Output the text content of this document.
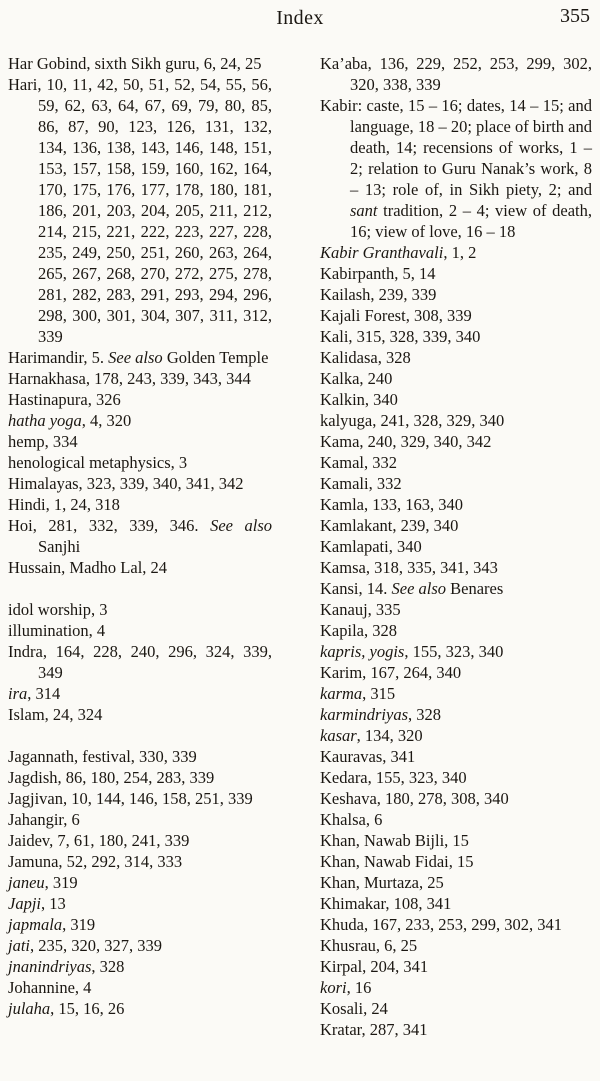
Index	355
Har Gobind, sixth Sikh guru, 6, 24, 25
Hari, 10, 11, 42, 50, 51, 52, 54, 55, 56, 59, 62, 63, 64, 67, 69, 79, 80, 85, 86, 87, 90, 123, 126, 131, 132, 134, 136, 138, 143, 146, 148, 151, 153, 157, 158, 159, 160, 162, 164, 170, 175, 176, 177, 178, 180, 181, 186, 201, 203, 204, 205, 211, 212, 214, 215, 221, 222, 223, 227, 228, 235, 249, 250, 251, 260, 263, 264, 265, 267, 268, 270, 272, 275, 278, 281, 282, 283, 291, 293, 294, 296, 298, 300, 301, 304, 307, 311, 312, 339
Harimandir, 5. See also Golden Temple
Harnakhasa, 178, 243, 339, 343, 344
Hastinapura, 326
hatha yoga, 4, 320
hemp, 334
henological metaphysics, 3
Himalayas, 323, 339, 340, 341, 342
Hindi, 1, 24, 318
Hoi, 281, 332, 339, 346. See also Sanjhi
Hussain, Madho Lal, 24
idol worship, 3
illumination, 4
Indra, 164, 228, 240, 296, 324, 339, 349
ira, 314
Islam, 24, 324
Jagannath, festival, 330, 339
Jagdish, 86, 180, 254, 283, 339
Jagjivan, 10, 144, 146, 158, 251, 339
Jahangir, 6
Jaidev, 7, 61, 180, 241, 339
Jamuna, 52, 292, 314, 333
janeu, 319
Japji, 13
japmala, 319
jati, 235, 320, 327, 339
jnanindriyas, 328
Johannine, 4
julaha, 15, 16, 26
Ka’aba, 136, 229, 252, 253, 299, 302, 320, 338, 339
Kabir: caste, 15 – 16; dates, 14 – 15; and language, 18 – 20; place of birth and death, 14; recensions of works, 1 – 2; relation to Guru Nanak’s work, 8 – 13; role of, in Sikh piety, 2; and sant tradition, 2 – 4; view of death, 16; view of love, 16 – 18
Kabir Granthavali, 1, 2
Kabirpanth, 5, 14
Kailash, 239, 339
Kajali Forest, 308, 339
Kali, 315, 328, 339, 340
Kalidasa, 328
Kalka, 240
Kalkin, 340
kalyuga, 241, 328, 329, 340
Kama, 240, 329, 340, 342
Kamal, 332
Kamali, 332
Kamla, 133, 163, 340
Kamlakant, 239, 340
Kamlapati, 340
Kamsa, 318, 335, 341, 343
Kansi, 14. See also Benares
Kanauj, 335
Kapila, 328
kapris, yogis, 155, 323, 340
Karim, 167, 264, 340
karma, 315
karmindriyas, 328
kasar, 134, 320
Kauravas, 341
Kedara, 155, 323, 340
Keshava, 180, 278, 308, 340
Khalsa, 6
Khan, Nawab Bijli, 15
Khan, Nawab Fidai, 15
Khan, Murtaza, 25
Khimakar, 108, 341
Khuda, 167, 233, 253, 299, 302, 341
Khusrau, 6, 25
Kirpal, 204, 341
kori, 16
Kosali, 24
Kratar, 287, 341
